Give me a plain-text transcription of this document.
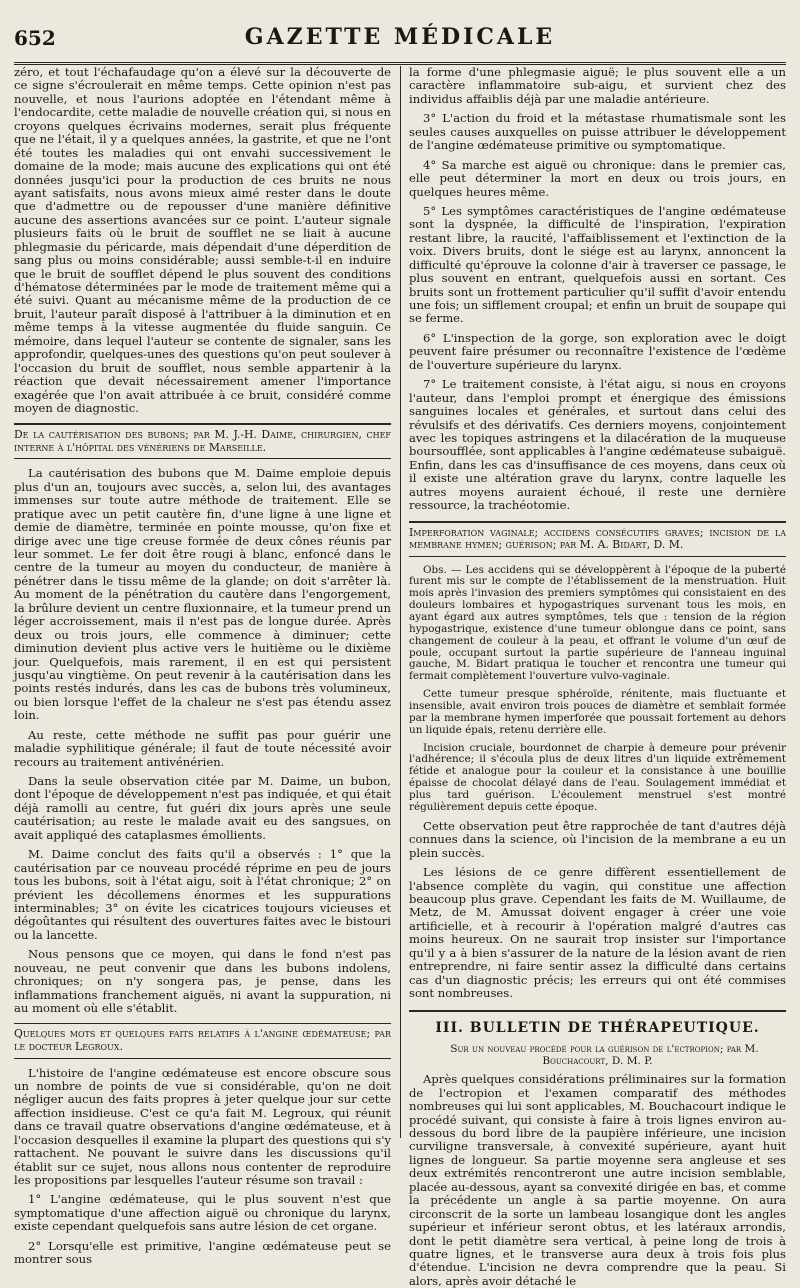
652	GAZETTE MÉDICALE

zéro, et tout l'échafaudage qu'on a élevé sur la découverte de ce signe s'écroulerait en même temps. Cette opinion n'est pas nouvelle, et nous l'aurions adoptée en l'étendant même à l'endocardite, cette maladie de nouvelle création qui, si nous en croyons quelques écrivains modernes, serait plus fréquente que ne l'était, il y a quelques années, la gastrite, et que ne l'ont été toutes les maladies qui ont envahi successivement le domaine de la mode; mais aucune des explications qui ont été données jusqu'ici pour la production de ces bruits ne nous ayant satisfaits, nous avons mieux aimé rester dans le doute que d'admettre ou de repousser d'une manière définitive aucune des assertions avancées sur ce point. L'auteur signale plusieurs faits où le bruit de soufflet ne se liait à aucune phlegmasie du péricarde, mais dépendait d'une déperdition de sang plus ou moins considérable; aussi semble-t-il en induire que le bruit de soufflet dépend le plus souvent des conditions d'hématose déterminées par le mode de traitement même qui a été suivi. Quant au mécanisme même de la production de ce bruit, l'auteur paraît disposé à l'attribuer à la diminution et en même temps à la vitesse augmentée du fluide sanguin. Ce mémoire, dans lequel l'auteur se contente de signaler, sans les approfondir, quelques-unes des questions qu'on peut soulever à l'occasion du bruit de soufflet, nous semble appartenir à la réaction que devait nécessairement amener l'importance exagérée que l'on avait attribuée à ce bruit, considéré comme moyen de diagnostic.

De la cautérisation des bubons; par M. J.-H. Daime, chirurgien, chef interne à l'hôpital des vénériens de Marseille.

La cautérisation des bubons que M. Daime emploie depuis plus d'un an, toujours avec succès, a, selon lui, des avantages immenses sur toute autre méthode de traitement. Elle se pratique avec un petit cautère fin, d'une ligne à une ligne et demie de diamètre, terminée en pointe mousse, qu'on fixe et dirige avec une tige creuse formée de deux cônes réunis par leur sommet. Le fer doit être rougi à blanc, enfoncé dans le centre de la tumeur au moyen du conducteur, de manière à pénétrer dans le tissu même de la glande; on doit s'arrêter là. Au moment de la pénétration du cautère dans l'engorgement, la brûlure devient un centre fluxionnaire, et la tumeur prend un léger accroissement, mais il n'est pas de longue durée. Après deux ou trois jours, elle commence à diminuer; cette diminution devient plus active vers le huitième ou le dixième jour. Quelquefois, mais rarement, il en est qui persistent jusqu'au vingtième. On peut revenir à la cautérisation dans les points restés indurés, dans les cas de bubons très volumineux, ou bien lorsque l'effet de la chaleur ne s'est pas étendu assez loin.

Au reste, cette méthode ne suffit pas pour guérir une maladie syphilitique générale; il faut de toute nécessité avoir recours au traitement antivénérien.

Dans la seule observation citée par M. Daime, un bubon, dont l'époque de développement n'est pas indiquée, et qui était déjà ramolli au centre, fut guéri dix jours après une seule cautérisation; au reste le malade avait eu des sangsues, on avait appliqué des cataplasmes émollients.

M. Daime conclut des faits qu'il a observés : 1° que la cautérisation par ce nouveau procédé réprime en peu de jours tous les bubons, soit à l'état aigu, soit à l'état chronique; 2° on prévient les décollemens énormes et les suppurations interminables; 3° on évite les cicatrices toujours vicieuses et dégoûtantes qui résultent des ouvertures faites avec le bistouri ou la lancette.

Nous pensons que ce moyen, qui dans le fond n'est pas nouveau, ne peut convenir que dans les bubons indolens, chroniques; on n'y songera pas, je pense, dans les inflammations franchement aiguës, ni avant la suppuration, ni au moment où elle s'établit.

Quelques mots et quelques faits relatifs à l'angine œdémateuse; par le docteur Legroux.

L'histoire de l'angine œdémateuse est encore obscure sous un nombre de points de vue si considérable, qu'on ne doit négliger aucun des faits propres à jeter quelque jour sur cette affection insidieuse. C'est ce qu'a fait M. Legroux, qui réunit dans ce travail quatre observations d'angine œdémateuse, et à l'occasion desquelles il examine la plupart des questions qui s'y rattachent. Ne pouvant le suivre dans les discussions qu'il établit sur ce sujet, nous allons nous contenter de reproduire les propositions par lesquelles l'auteur résume son travail :

1° L'angine œdémateuse, qui le plus souvent n'est que symptomatique d'une affection aiguë ou chronique du larynx, existe cependant quelquefois sans autre lésion de cet organe.

2° Lorsqu'elle est primitive, l'angine œdémateuse peut se montrer sous

la forme d'une phlegmasie aiguë; le plus souvent elle a un caractère inflammatoire sub-aigu, et survient chez des individus affaiblis déjà par une maladie antérieure.

3° L'action du froid et la métastase rhumatismale sont les seules causes auxquelles on puisse attribuer le développement de l'angine œdémateuse primitive ou symptomatique.

4° Sa marche est aiguë ou chronique: dans le premier cas, elle peut déterminer la mort en deux ou trois jours, en quelques heures même.

5° Les symptômes caractéristiques de l'angine œdémateuse sont la dyspnée, la difficulté de l'inspiration, l'expiration restant libre, la raucité, l'affaiblissement et l'extinction de la voix. Divers bruits, dont le siége est au larynx, annoncent la difficulté qu'éprouve la colonne d'air à traverser ce passage, le plus souvent en entrant, quelquefois aussi en sortant. Ces bruits sont un frottement particulier qu'il suffit d'avoir entendu une fois; un sifflement croupal; et enfin un bruit de soupape qui se ferme.

6° L'inspection de la gorge, son exploration avec le doigt peuvent faire présumer ou reconnaître l'existence de l'œdème de l'ouverture supérieure du larynx.

7° Le traitement consiste, à l'état aigu, si nous en croyons l'auteur, dans l'emploi prompt et énergique des émissions sanguines locales et générales, et surtout dans celui des révulsifs et des dérivatifs. Ces derniers moyens, conjointement avec les topiques astringens et la dilacération de la muqueuse boursoufflée, sont applicables à l'angine œdémateuse subaiguë. Enfin, dans les cas d'insuffisance de ces moyens, dans ceux où il existe une altération grave du larynx, contre laquelle les autres moyens auraient échoué, il reste une dernière ressource, la trachéotomie.

Imperforation vaginale; accidens consécutifs graves; incision de la membrane hymen; guérison; par M. A. Bidart, D. M.

Obs. — Les accidens qui se développèrent à l'époque de la puberté furent mis sur le compte de l'établissement de la menstruation. Huit mois après l'invasion des premiers symptômes qui consistaient en des douleurs lombaires et hypogastriques survenant tous les mois, en ayant égard aux autres symptômes, tels que : tension de la région hypogastrique, existence d'une tumeur oblongue dans ce point, sans changement de couleur à la peau, et offrant le volume d'un œuf de poule, occupant surtout la partie supérieure de l'anneau inguinal gauche, M. Bidart pratiqua le toucher et rencontra une tumeur qui fermait complètement l'ouverture vulvo-vaginale.

Cette tumeur presque sphéroïde, rénitente, mais fluctuante et insensible, avait environ trois pouces de diamètre et semblait formée par la membrane hymen imperforée que poussait fortement au dehors un liquide épais, retenu derrière elle.

Incision cruciale, bourdonnet de charpie à demeure pour prévenir l'adhérence; il s'écoula plus de deux litres d'un liquide extrêmement fétide et analogue pour la couleur et la consistance à une bouillie épaisse de chocolat délayé dans de l'eau. Soulagement immédiat et plus tard guérison. L'écoulement menstruel s'est montré régulièrement depuis cette époque.

Cette observation peut être rapprochée de tant d'autres déjà connues dans la science, où l'incision de la membrane a eu un plein succès.

Les lésions de ce genre diffèrent essentiellement de l'absence complète du vagin, qui constitue une affection beaucoup plus grave. Cependant les faits de M. Wuillaume, de Metz, de M. Amussat doivent engager à créer une voie artificielle, et à recourir à l'opération malgré d'autres cas moins heureux. On ne saurait trop insister sur l'importance qu'il y a à bien s'assurer de la nature de la lésion avant de rien entreprendre, ni faire sentir assez la difficulté dans certains cas d'un diagnostic précis; les erreurs qui ont été commises sont nombreuses.

III. BULLETIN DE THÉRAPEUTIQUE.

Sur un nouveau procédé pour la guérison de l'ectropion; par M. Bouchacourt, D. M. P.

Après quelques considérations préliminaires sur la formation de l'ectropion et l'examen comparatif des méthodes nombreuses qui lui sont applicables, M. Bouchacourt indique le procédé suivant, qui consiste à faire à trois lignes environ au-dessous du bord libre de la paupière inférieure, une incision curviligne transversale, à convexité supérieure, ayant huit lignes de longueur. Sa partie moyenne sera angleuse et ses deux extrémités rencontreront une autre incision semblable, placée au-dessous, ayant sa convexité dirigée en bas, et comme la précédente un angle à sa partie moyenne. On aura circonscrit de la sorte un lambeau losangique dont les angles supérieur et inférieur seront obtus, et les latéraux arrondis, dont le petit diamètre sera vertical, à peine long de trois à quatre lignes, et le transverse aura deux à trois fois plus d'étendue. L'incision ne devra comprendre que la peau. Si alors, après avoir détaché le
